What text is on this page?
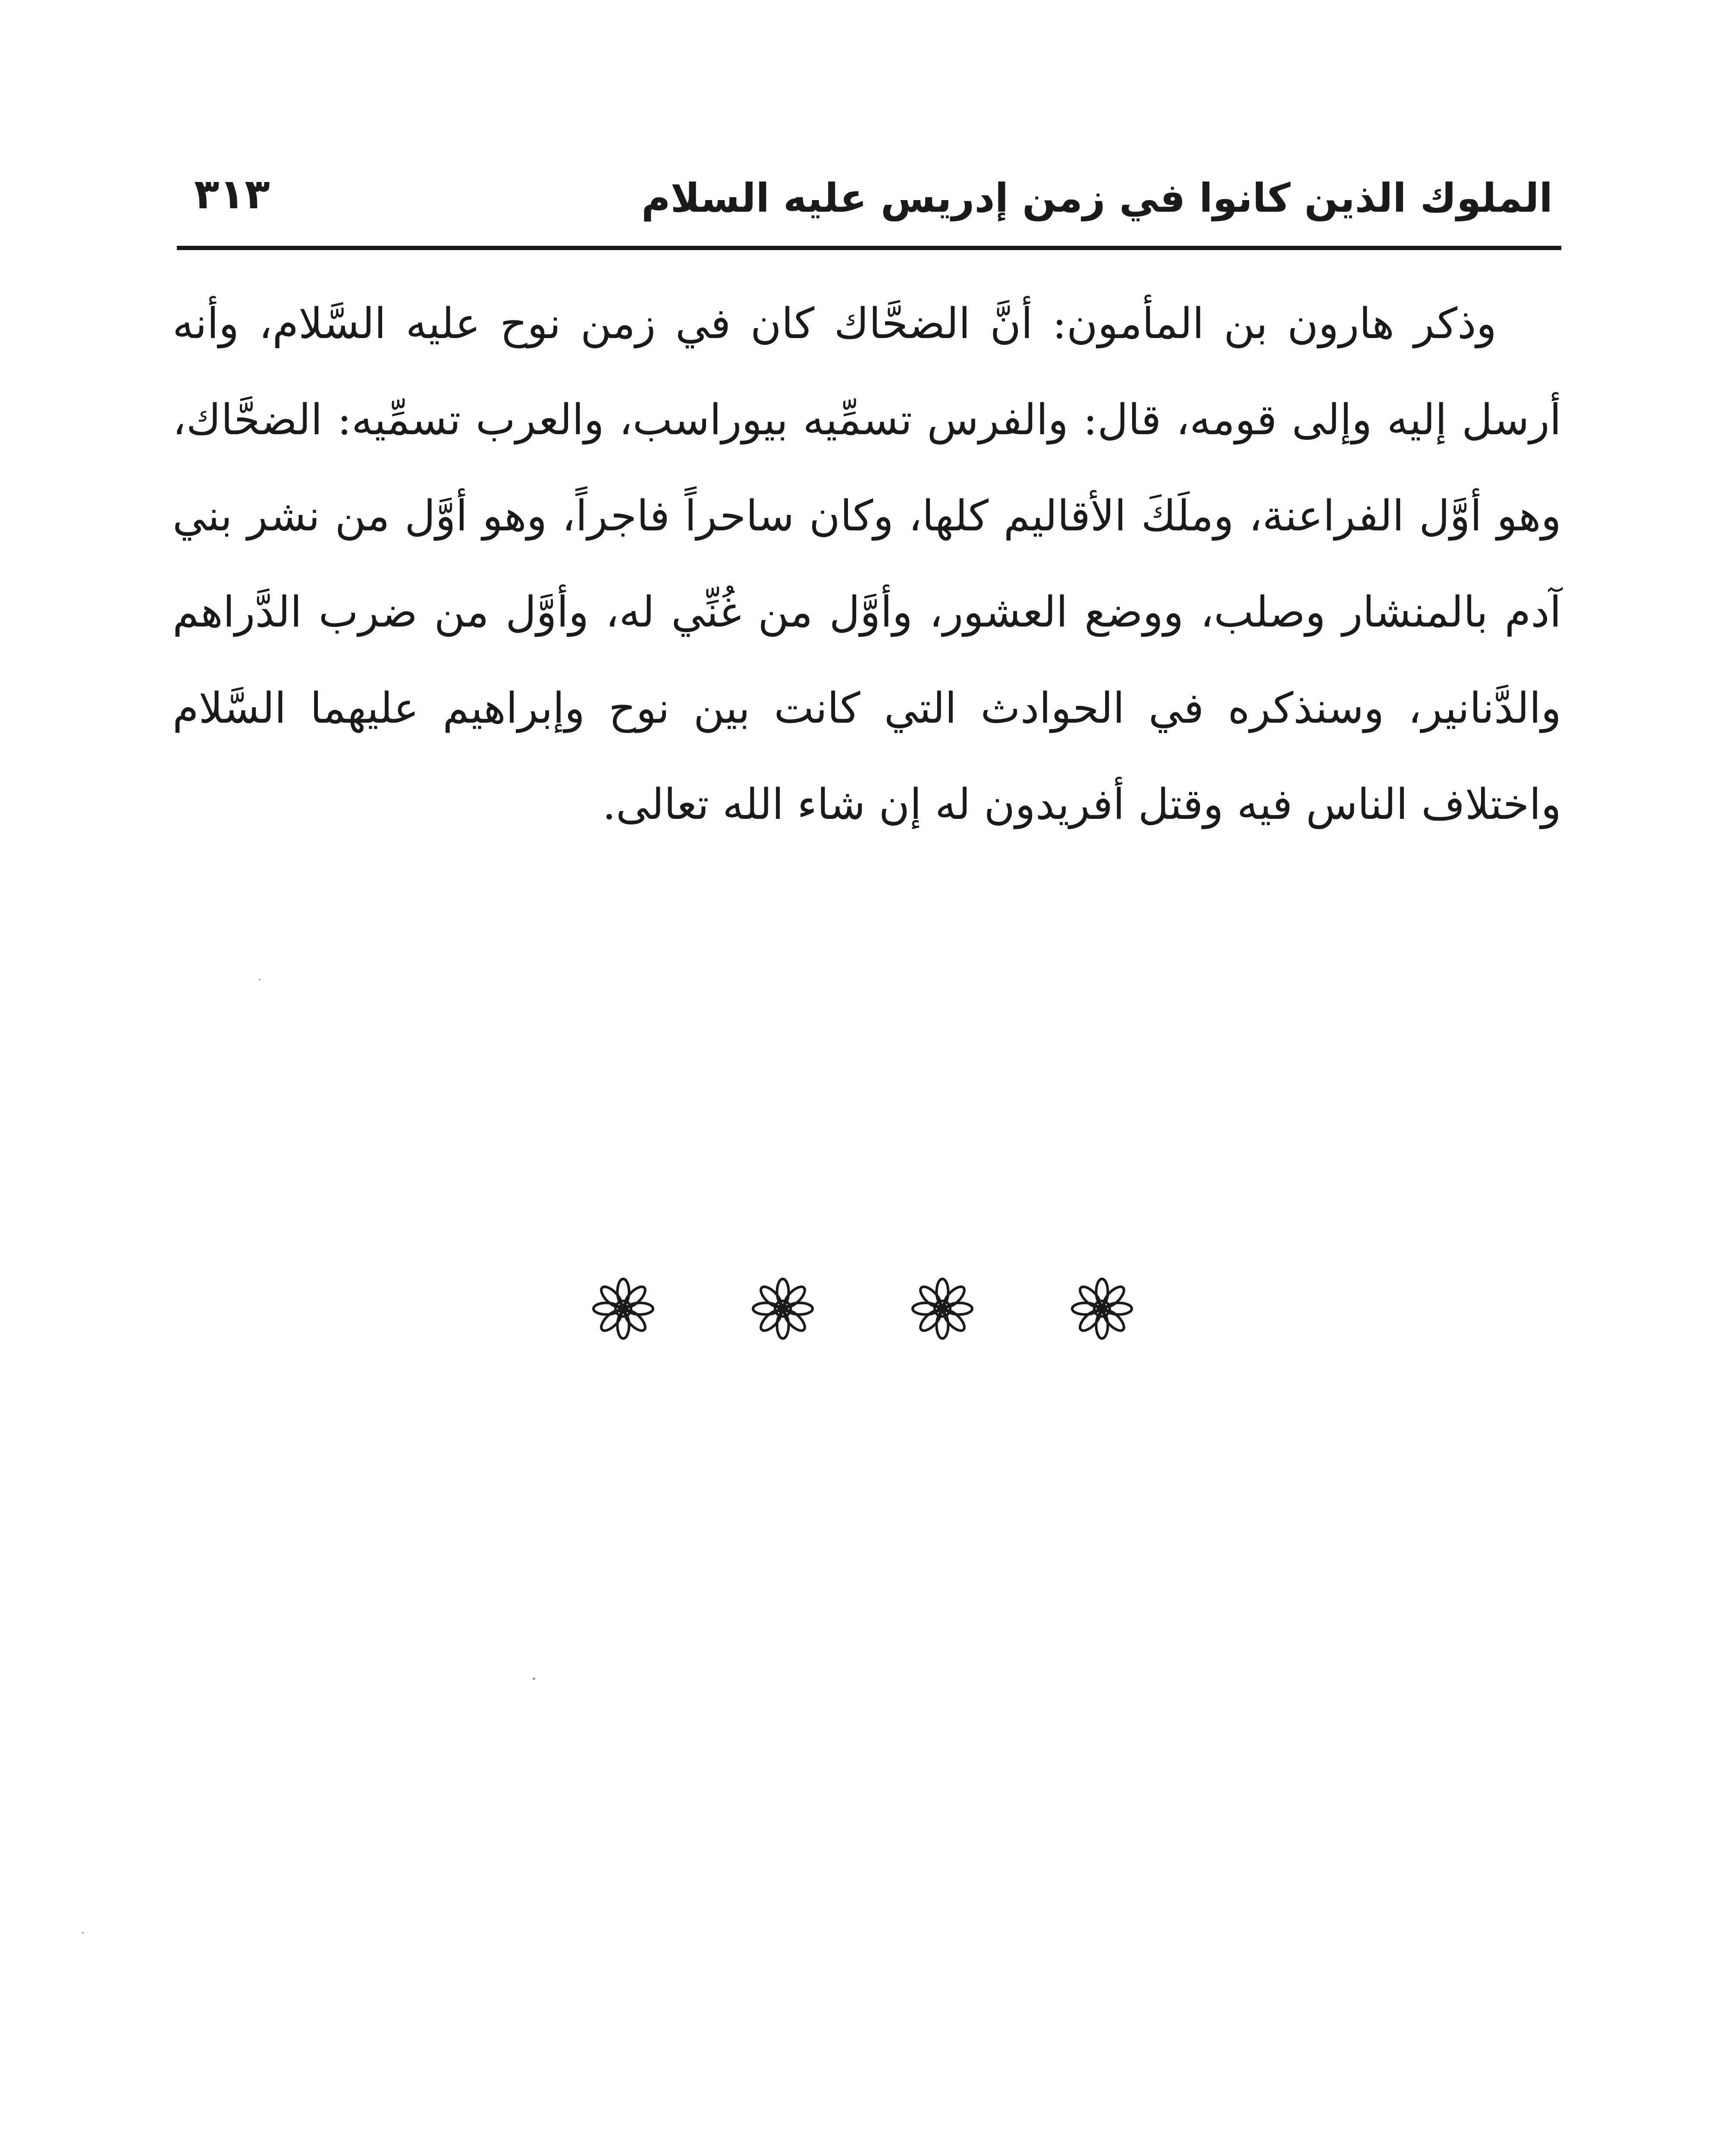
الملوك الذين كانوا في زمن إدريس عليه السلام
٣١٣

وذكر هارون بن المأمون: أنَّ الضحَّاك كان في زمن نوح عليه السَّلام، وأنه أرسل إليه وإلى قومه، قال: والفرس تسمِّيه بيوراسب، والعرب تسمِّيه: الضحَّاك، وهو أوَّل الفراعنة، وملَكَ الأقاليم كلها، وكان ساحراً فاجراً، وهو أوَّل من نشر بني آدم بالمنشار وصلب، ووضع العشور، وأوَّل من غُنِّي له، وأوَّل من ضرب الدَّراهم والدَّنانير، وسنذكره في الحوادث التي كانت بين نوح وإبراهيم عليهما السَّلام واختلاف الناس فيه وقتل أفريدون له إن شاء الله تعالى.
